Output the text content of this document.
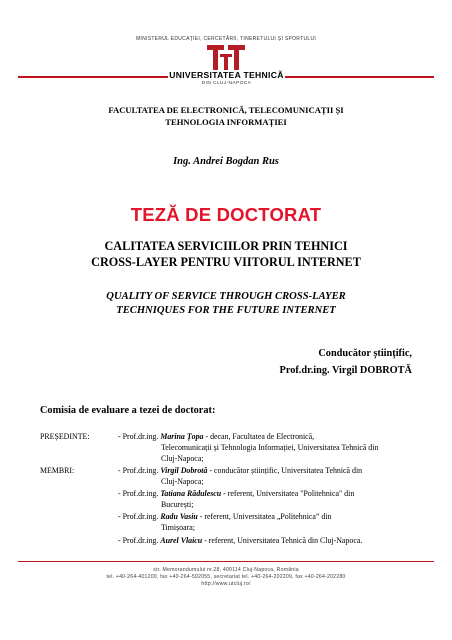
MINISTERUL EDUCAȚIEI, CERCETĂRII, TINERETULUI ȘI SPORTULUI
UNIVERSITATEA TEHNICĂ
DIN CLUJ-NAPOCA
FACULTATEA DE ELECTRONICĂ, TELECOMUNICAȚII ȘI
TEHNOLOGIA INFORMAȚIEI
Ing. Andrei Bogdan Rus
TEZĂ DE DOCTORAT
CALITATEA SERVICIILOR PRIN TEHNICI
CROSS-LAYER PENTRU VIITORUL INTERNET
QUALITY OF SERVICE THROUGH CROSS-LAYER
TECHNIQUES FOR THE FUTURE INTERNET
Conducător științific,
Prof.dr.ing. Virgil DOBROTĂ
Comisia de evaluare a tezei de doctorat:
PREȘEDINTE:	- Prof.dr.ing. Marina Țopa - decan, Facultatea de Electronică,
Telecomunicații și Tehnologia Informației, Universitatea Tehnică din
Cluj-Napoca;
MEMBRI:	- Prof.dr.ing. Virgil Dobrotă - conducător științific, Universitatea Tehnică din
Cluj-Napoca;
- Prof.dr.ing. Tatiana Rădulescu - referent, Universitatea "Politehnica" din
București;
- Prof.dr.ing. Radu Vasiu - referent, Universitatea „Politehnica” din
Timișoara;
- Prof.dr.ing. Aurel Vlaicu - referent, Universitatea Tehnică din Cluj-Napoca.
str. Memorandumului nr.28, 400114 Cluj-Napoca, România
tel. +40-264-401200, fax +40-264-592055, secretariat tel. +40-264-202209, fax +40-264-202280
http://www.utcluj.ro/
